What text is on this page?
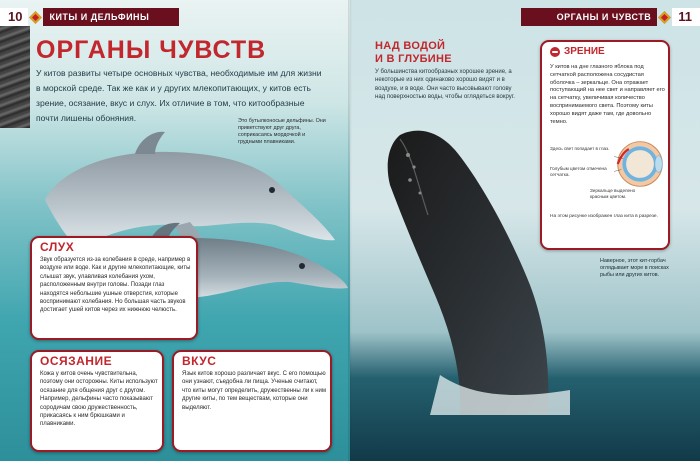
10	КИТЫ И ДЕЛЬФИНЫ	ОРГАНЫ И ЧУВСТВ	11
ОРГАНЫ ЧУВСТВ
У китов развиты четыре основных чувства, необходимые им для жизни в морской среде. Так же как и у других млекопитающих, у китов есть зрение, осязание, вкус и слух. Их отличие в том, что китообразные почти лишены обоняния.	Это бутылконосые дельфины. Они приветствуют друг друга, соприкасаясь мордочкой и грудными плавниками.
СЛУХ
Звук образуется из-за колебания в среде, например в воздухе или воде. Как и другие млекопитающие, киты слышат звук, улавливая колебания ухом, расположенным внутри головы. Позади глаз находятся небольшие ушные отверстия, которые воспринимают колебания. Но большая часть звуков достигает ушей китов через их нижнюю челюсть.
ОСЯЗАНИЕ
Кожа у китов очень чувствительна, поэтому они осторожны. Киты используют осязание для общения друг с другом. Например, дельфины часто показывают сородичам свою дружественность, прикасаясь к ним брюшками и плавниками.
ВКУС
Язык китов хорошо различает вкус. С его помощью они узнают, съедобна ли пища. Ученые считают, что киты могут определить, дружественны ли к ним другие киты, по тем веществам, которые они выделяют.
НАД ВОДОЙ
И В ГЛУБИНЕ
У большинства китообразных хорошее зрение, а некоторые из них одинаково хорошо видят и в воздухе, и в воде. Они часто высовывают голову над поверхностью воды, чтобы оглядеться вокруг.
ЗРЕНИЕ
У китов на дне глазного яблока под сетчаткой расположена сосудистая оболочка – зеркальце. Она отражает поступающий на нее свет и направляет его на сетчатку, увеличивая количество воспринимаемого света. Поэтому киты хорошо видят даже там, где довольно темно.
Здесь свет попадает в глаз.
Голубым цветом отмечена сетчатка.
Зеркальце выделено красным цветом.
На этом рисунке изображен глаз кита в разрезе.
Наверное, этот кит-горбач оглядывает море в поисках рыбы или других китов.
